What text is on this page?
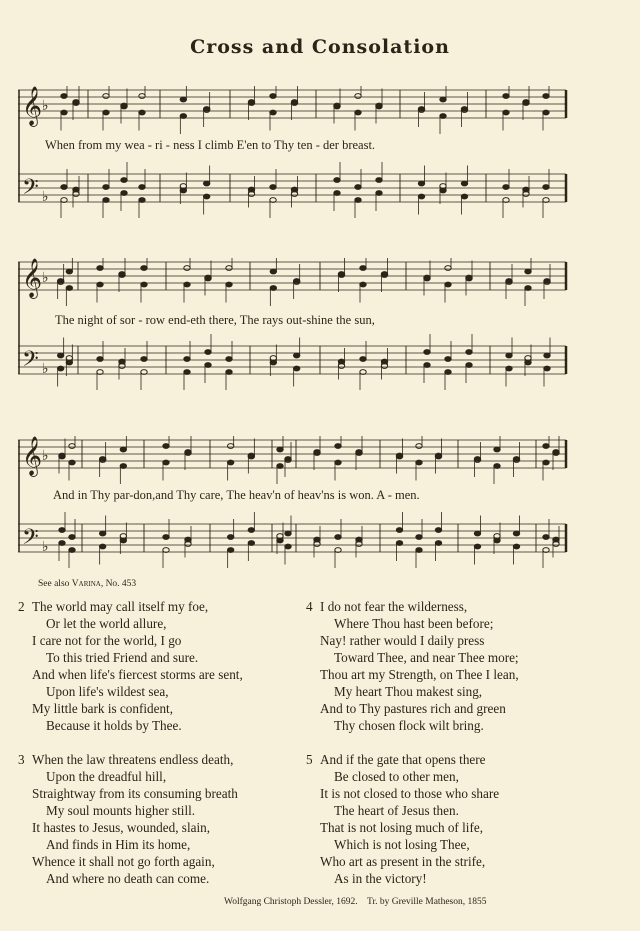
Cross and Consolation
𝄞
𝄢
♭
♭
When from my wea - ri - ness I climb E'en to Thy ten - der breast.
𝄞
𝄢
♭
♭
The night of sor - row end-eth there, The rays out-shine the sun,
𝄞
𝄢
♭
♭
And in Thy par-don,and Thy care, The heav'n of heav'ns is won. A - men.
See also Varina, No. 453
2 The world may call itself my foe,
Or let the world allure,
I care not for the world, I go
To this tried Friend and sure.
And when life's fiercest storms are sent,
Upon life's wildest sea,
My little bark is confident,
Because it holds by Thee.
4 I do not fear the wilderness,
Where Thou hast been before;
Nay! rather would I daily press
Toward Thee, and near Thee more;
Thou art my Strength, on Thee I lean,
My heart Thou makest sing,
And to Thy pastures rich and green
Thy chosen flock wilt bring.
3 When the law threatens endless death,
Upon the dreadful hill,
Straightway from its consuming breath
My soul mounts higher still.
It hastes to Jesus, wounded, slain,
And finds in Him its home,
Whence it shall not go forth again,
And where no death can come.
5 And if the gate that opens there
Be closed to other men,
It is not closed to those who share
The heart of Jesus then.
That is not losing much of life,
Which is not losing Thee,
Who art as present in the strife,
As in the victory!
Wolfgang Christoph Dessler, 1692. Tr. by Greville Matheson, 1855
